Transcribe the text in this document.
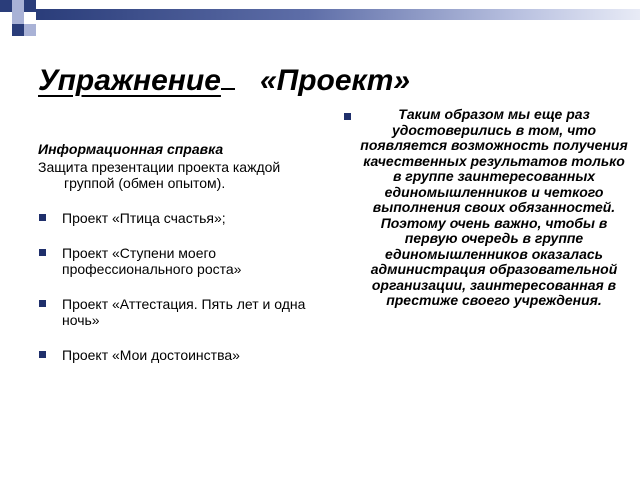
Упражнение «Проект»

Информационная справка

Защита презентации проекта каждой группой (обмен опытом).

Проект «Птица счастья»;
Проект «Ступени моего профессионального роста»
Проект «Аттестация. Пять лет и одна ночь»
Проект «Мои достоинства»

Таким образом мы еще раз удостоверились в том, что появляется возможность получения качественных результатов только в группе заинтересованных единомышленников и четкого выполнения своих обязанностей. Поэтому очень важно, чтобы в первую очередь в группе единомышленников оказалась администрация образовательной организации, заинтересованная в престиже своего учреждения.
